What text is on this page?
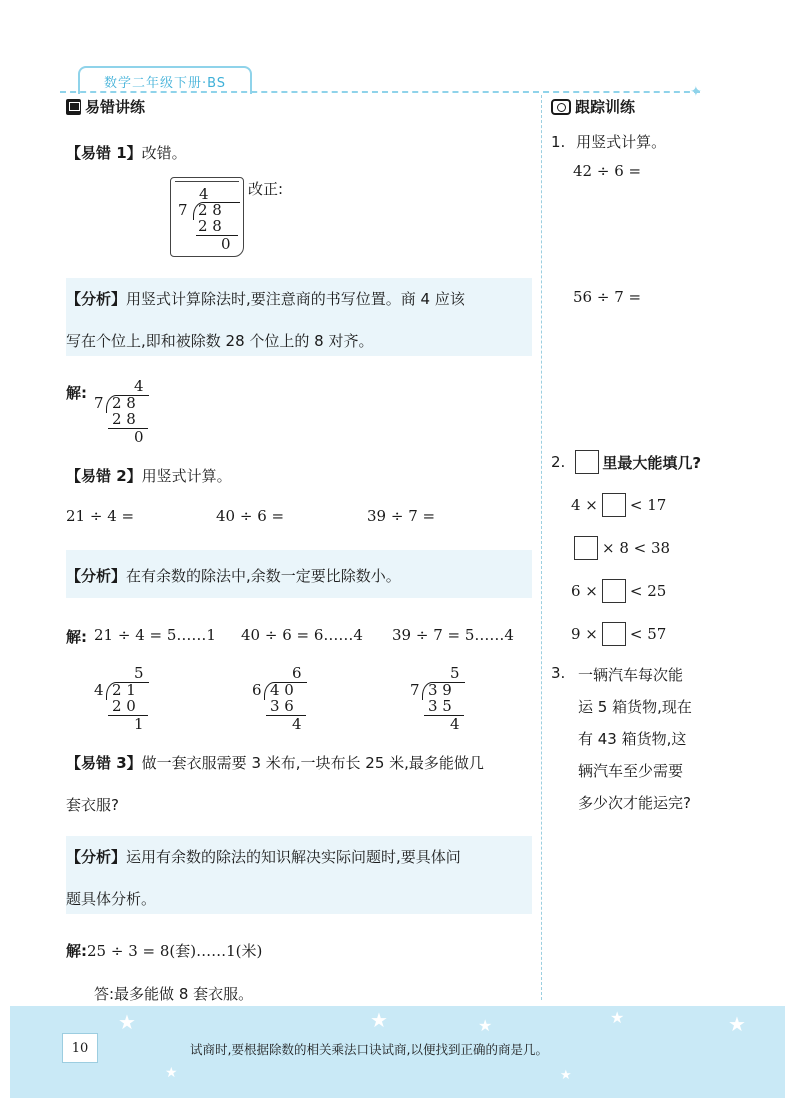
数学二年级下册·BS
✦
易错讲练
【易错 1】改错。
4
7 2 8
2 8
0
改正:
【分析】用竖式计算除法时,要注意商的书写位置。商 4 应该
写在个位上,即和被除数 28 个位上的 8 对齐。
解:	4
7 2 8
2 8
0
【易错 2】用竖式计算。
21 ÷ 4 =	40 ÷ 6 =	39 ÷ 7 =
【分析】在有余数的除法中,余数一定要比除数小。
解: 21 ÷ 4 = 5……1 40 ÷ 6 = 6……4 39 ÷ 7 = 5……4
5
4 2 1
2 0
1
6
6 4 0
3 6
4
5
7 3 9
3 5
4
【易错 3】做一套衣服需要 3 米布,一块布长 25 米,最多能做几
套衣服?
【分析】运用有余数的除法的知识解决实际问题时,要具体问
题具体分析。
解:25 ÷ 3 = 8(套)……1(米)
答:最多能做 8 套衣服。
跟踪训练
1. 用竖式计算。
42 ÷ 6 =
56 ÷ 7 =
2. 里最大能填几?
4 × < 17
× 8 < 38
6 × < 25
9 × < 57
3. 一辆汽车每次能
运 5 箱货物,现在
有 43 箱货物,这
辆汽车至少需要
多少次才能运完?
★	★	★	★	★
★	★
10	试商时,要根据除数的相关乘法口诀试商,以便找到正确的商是几。
